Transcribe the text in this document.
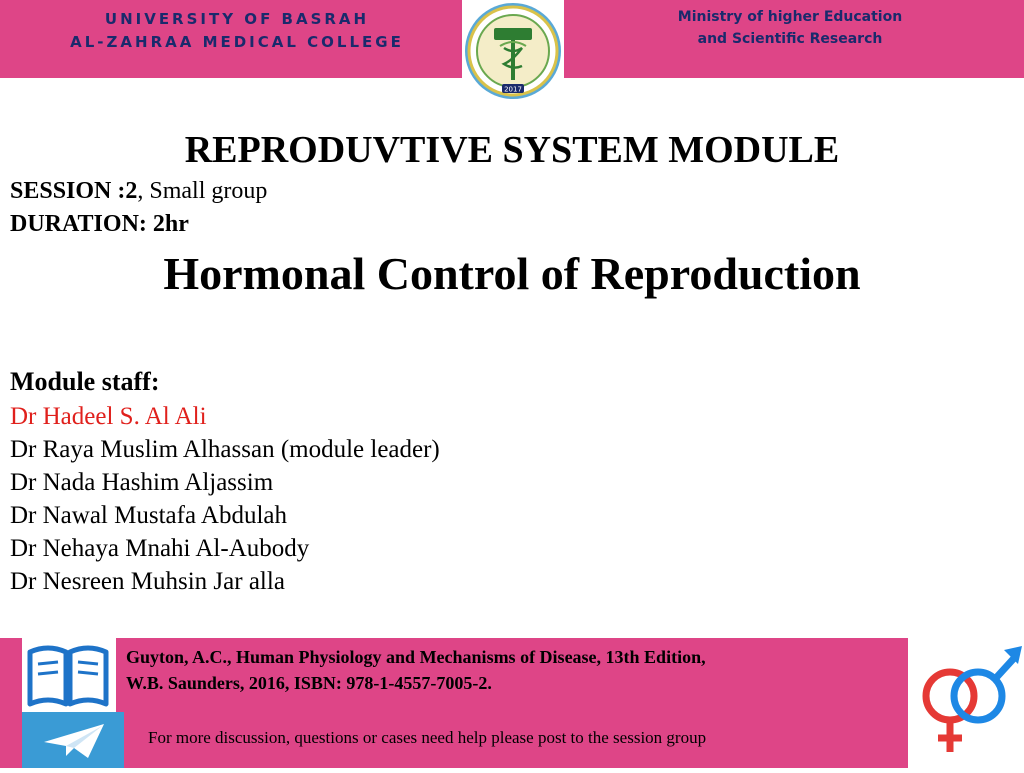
UNIVERSITY OF BASRAH
AL-ZAHRAA MEDICAL COLLEGE
2017
Ministry of higher Education
and Scientific Research
REPRODUVTIVE SYSTEM MODULE
SESSION :2, Small group
DURATION: 2hr
Hormonal Control of Reproduction
Module staff:
Dr Hadeel S. Al Ali
Dr Raya Muslim Alhassan (module leader)
Dr Nada Hashim Aljassim
Dr Nawal Mustafa Abdulah
Dr Nehaya Mnahi Al-Aubody
Dr Nesreen Muhsin Jar alla
Guyton, A.C., Human Physiology and Mechanisms of Disease, 13th Edition,
W.B. Saunders, 2016, ISBN: 978-1-4557-7005-2.
For more discussion, questions or cases need help please post to the session group
